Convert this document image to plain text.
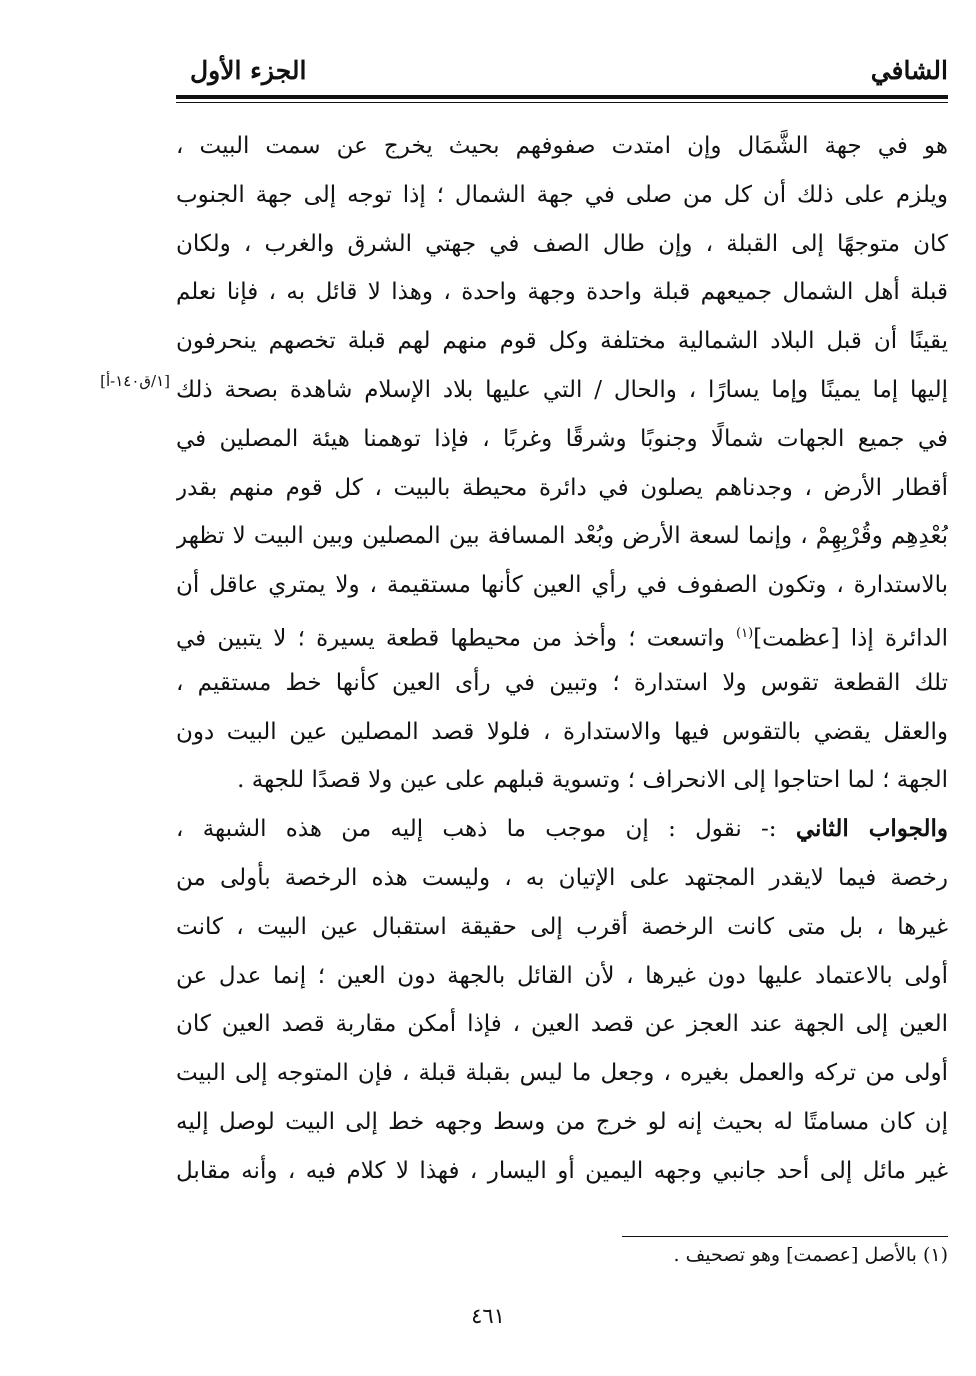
الشافي
الجزء الأول
[١/ق١٤٠-أ]
هو في جهة الشَّمَال وإن امتدت صفوفهم بحيث يخرج عن سمت البيت ،
ويلزم على ذلك أن كل من صلى في جهة الشمال ؛ إذا توجه إلى جهة الجنوب
كان متوجهًا إلى القبلة ، وإن طال الصف في جهتي الشرق والغرب ، ولكان
قبلة أهل الشمال جميعهم قبلة واحدة وجهة واحدة ، وهذا لا قائل به ، فإنا نعلم
يقينًا أن قبل البلاد الشمالية مختلفة وكل قوم منهم لهم قبلة تخصهم ينحرفون
إليها إما يمينًا وإما يسارًا ، والحال / التي عليها بلاد الإسلام شاهدة بصحة ذلك
في جميع الجهات شمالًا وجنوبًا وشرقًا وغربًا ، فإذا توهمنا هيئة المصلين في
أقطار الأرض ، وجدناهم يصلون في دائرة محيطة بالبيت ، كل قوم منهم بقدر
بُعْدِهِم وقُرْبِهِمْ ، وإنما لسعة الأرض وبُعْد المسافة بين المصلين وبين البيت لا تظهر
بالاستدارة ، وتكون الصفوف في رأي العين كأنها مستقيمة ، ولا يمتري عاقل أن
الدائرة إذا [عظمت]$^{(١)}$ واتسعت ؛ وأخذ من محيطها قطعة يسيرة ؛ لا يتبين في
تلك القطعة تقوس ولا استدارة ؛ وتبين في رأى العين كأنها خط مستقيم ،
والعقل يقضي بالتقوس فيها والاستدارة ، فلولا قصد المصلين عين البيت دون
الجهة ؛ لما احتاجوا إلى الانحراف ؛ وتسوية قبلهم على عين ولا قصدًا للجهة .
والجواب الثاني :- نقول : إن موجب ما ذهب إليه من هذه الشبهة ،
رخصة فيما لايقدر المجتهد على الإتيان به ، وليست هذه الرخصة بأولى من
غيرها ، بل متى كانت الرخصة أقرب إلى حقيقة استقبال عين البيت ، كانت
أولى بالاعتماد عليها دون غيرها ، لأن القائل بالجهة دون العين ؛ إنما عدل عن
العين إلى الجهة عند العجز عن قصد العين ، فإذا أمكن مقاربة قصد العين كان
أولى من تركه والعمل بغيره ، وجعل ما ليس بقبلة قبلة ، فإن المتوجه إلى البيت
إن كان مسامتًا له بحيث إنه لو خرج من وسط وجهه خط إلى البيت لوصل إليه
غير مائل إلى أحد جانبي وجهه اليمين أو اليسار ، فهذا لا كلام فيه ، وأنه مقابل
(١) بالأصل [عصمت] وهو تصحيف .
٤٦١
